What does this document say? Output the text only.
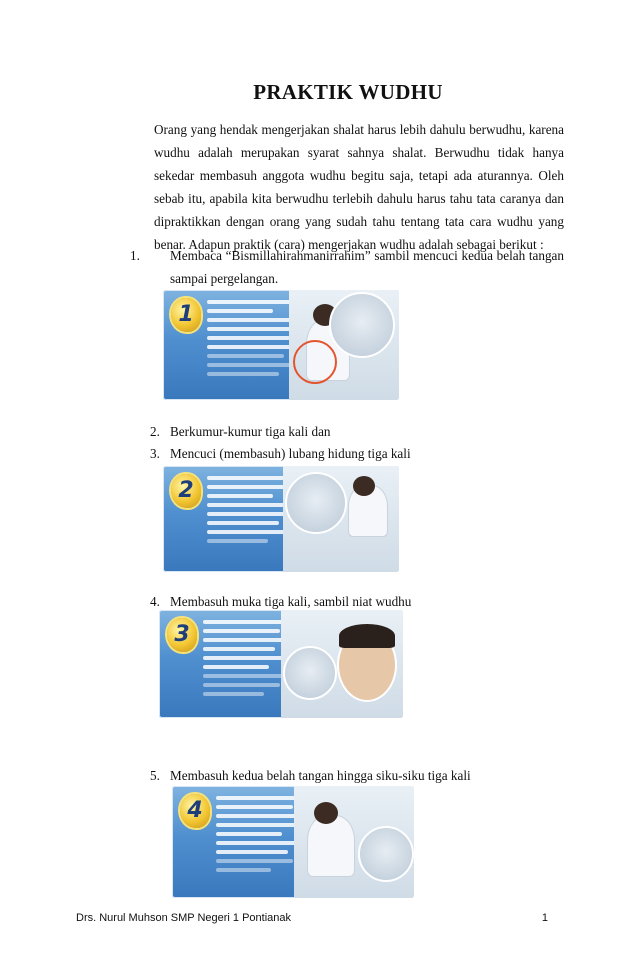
PRAKTIK WUDHU

Orang yang hendak mengerjakan shalat harus lebih dahulu berwudhu, karena wudhu adalah merupakan syarat sahnya shalat. Berwudhu tidak hanya sekedar membasuh anggota wudhu begitu saja, tetapi ada aturannya. Oleh sebab itu, apabila kita berwudhu terlebih dahulu harus tahu tata caranya dan dipraktikkan dengan orang yang sudah tahu tentang tata cara wudhu yang benar. Adapun praktik (cara) mengerjakan wudhu adalah sebagai berikut :

1. Membaca “Bismillahirahmanirrahim” sambil mencuci kedua belah tangan sampai pergelangan.
1
2. Berkumur-kumur tiga kali dan
3. Mencuci (membasuh) lubang hidung tiga kali
2
4. Membasuh muka tiga kali, sambil niat wudhu
3
5. Membasuh kedua belah tangan hingga siku-siku tiga kali
4
Drs. Nurul Muhson SMP Negeri 1 Pontianak	1
